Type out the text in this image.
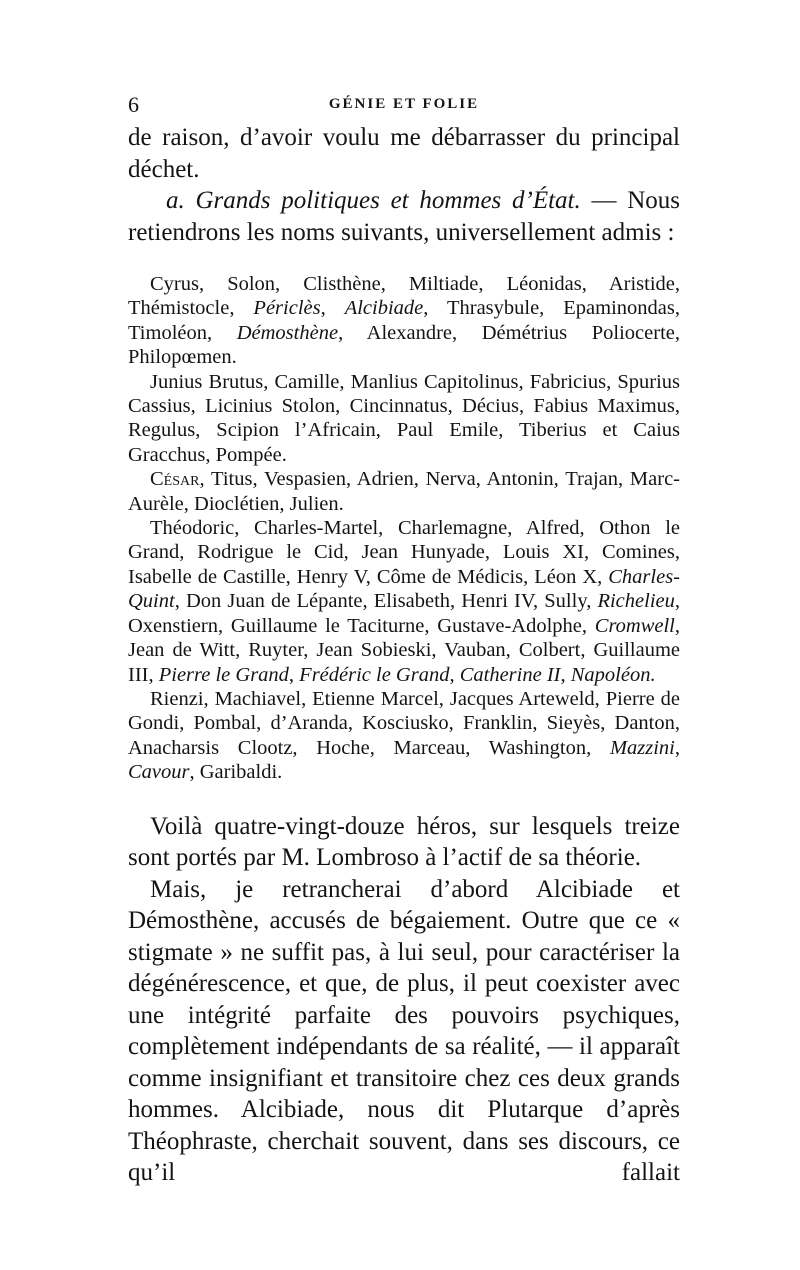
6	GÉNIE ET FOLIE
de raison, d’avoir voulu me débarrasser du principal
déchet.

a. Grands politiques et hommes d’État. — Nous retiendrons les noms suivants, universellement admis :

Cyrus, Solon, Clisthène, Miltiade, Léonidas, Aristide, Thémistocle, Périclès, Alcibiade, Thrasybule, Epaminondas, Timoléon, Démosthène, Alexandre, Démétrius Poliocerte, Philopœmen.

Junius Brutus, Camille, Manlius Capitolinus, Fabricius, Spurius Cassius, Licinius Stolon, Cincinnatus, Décius, Fabius Maximus, Regulus, Scipion l’Africain, Paul Emile, Tiberius et Caius Gracchus, Pompée.

César, Titus, Vespasien, Adrien, Nerva, Antonin, Trajan, Marc-Aurèle, Dioclétien, Julien.

Théodoric, Charles-Martel, Charlemagne, Alfred, Othon le Grand, Rodrigue le Cid, Jean Hunyade, Louis XI, Comines, Isabelle de Castille, Henry V, Côme de Médicis, Léon X, Charles-Quint, Don Juan de Lépante, Elisabeth, Henri IV, Sully, Richelieu, Oxenstiern, Guillaume le Taciturne, Gustave-Adolphe, Cromwell, Jean de Witt, Ruyter, Jean Sobieski, Vauban, Colbert, Guillaume III, Pierre le Grand, Frédéric le Grand, Catherine II, Napoléon.

Rienzi, Machiavel, Etienne Marcel, Jacques Arteweld, Pierre de Gondi, Pombal, d’Aranda, Kosciusko, Franklin, Sieyès, Danton, Anacharsis Clootz, Hoche, Marceau, Washington, Mazzini, Cavour, Garibaldi.

Voilà quatre-vingt-douze héros, sur lesquels treize sont portés par M. Lombroso à l’actif de sa théorie.

Mais, je retrancherai d’abord Alcibiade et Démosthène, accusés de bégaiement. Outre que ce « stigmate » ne suffit pas, à lui seul, pour caractériser la dégénérescence, et que, de plus, il peut coexister avec une intégrité parfaite des pouvoirs psychiques, complètement indépendants de sa réalité, — il apparaît comme insignifiant et transitoire chez ces deux grands hommes. Alcibiade, nous dit Plutarque d’après Théophraste, cherchait souvent, dans ses discours, ce qu’il fallait
